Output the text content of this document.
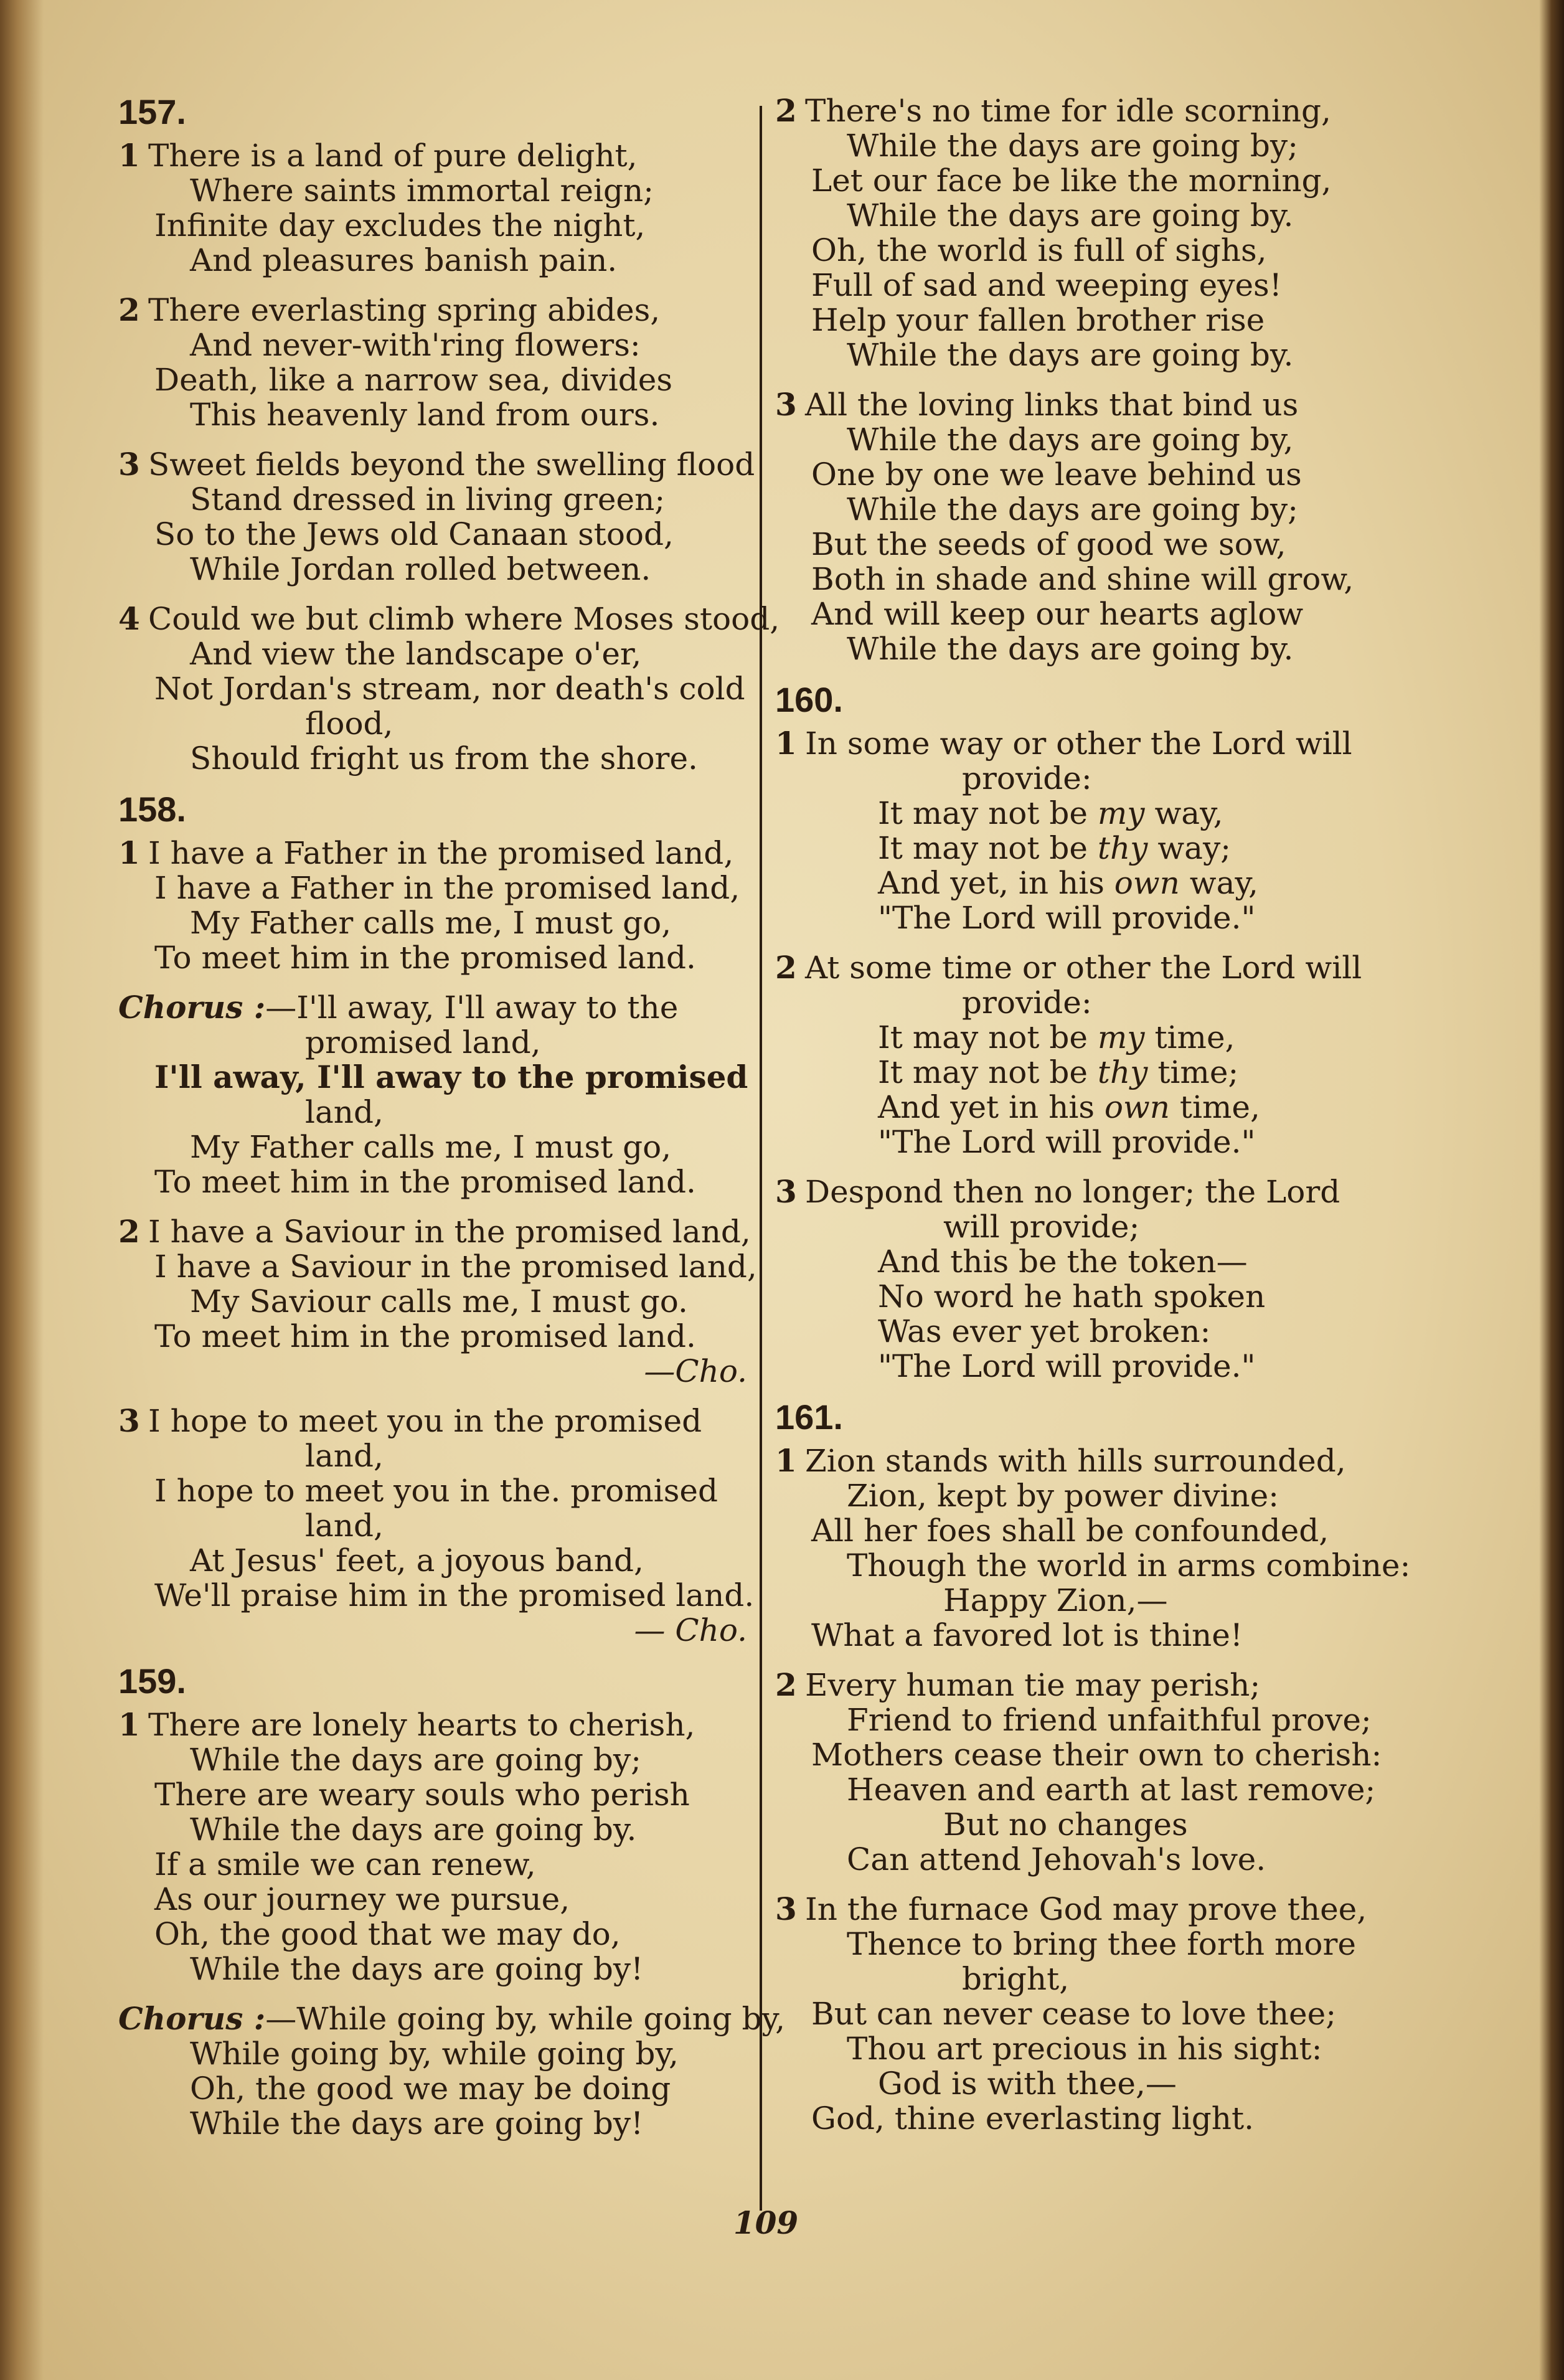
157.
1 There is a land of pure delight,
Where saints immortal reign;
Infinite day excludes the night,
And pleasures banish pain.
2 There everlasting spring abides,
And never-with'ring flowers:
Death, like a narrow sea, divides
This heavenly land from ours.
3 Sweet fields beyond the swelling flood
Stand dressed in living green;
So to the Jews old Canaan stood,
While Jordan rolled between.
4 Could we but climb where Moses stood,
And view the landscape o'er,
Not Jordan's stream, nor death's cold
flood,
Should fright us from the shore.
158.
1 I have a Father in the promised land,
I have a Father in the promised land,
My Father calls me, I must go,
To meet him in the promised land.
Chorus :—I'll away, I'll away to the
promised land,
I'll away, I'll away to the promised
land,
My Father calls me, I must go,
To meet him in the promised land.
2 I have a Saviour in the promised land,
I have a Saviour in the promised land,
My Saviour calls me, I must go.
To meet him in the promised land.
—Cho.
3 I hope to meet you in the promised
land,
I hope to meet you in the. promised
land,
At Jesus' feet, a joyous band,
We'll praise him in the promised land.
— Cho.
159.
1 There are lonely hearts to cherish,
While the days are going by;
There are weary souls who perish
While the days are going by.
If a smile we can renew,
As our journey we pursue,
Oh, the good that we may do,
While the days are going by!
Chorus :—While going by, while going by,
While going by, while going by,
Oh, the good we may be doing
While the days are going by!
2 There's no time for idle scorning,
While the days are going by;
Let our face be like the morning,
While the days are going by.
Oh, the world is full of sighs,
Full of sad and weeping eyes!
Help your fallen brother rise
While the days are going by.
3 All the loving links that bind us
While the days are going by,
One by one we leave behind us
While the days are going by;
But the seeds of good we sow,
Both in shade and shine will grow,
And will keep our hearts aglow
While the days are going by.
160.
1 In some way or other the Lord will
provide:
It may not be my way,
It may not be thy way;
And yet, in his own way,
"The Lord will provide."
2 At some time or other the Lord will
provide:
It may not be my time,
It may not be thy time;
And yet in his own time,
"The Lord will provide."
3 Despond then no longer; the Lord
will provide;
And this be the token—
No word he hath spoken
Was ever yet broken:
"The Lord will provide."
161.
1 Zion stands with hills surrounded,
Zion, kept by power divine:
All her foes shall be confounded,
Though the world in arms combine:
Happy Zion,—
What a favored lot is thine!
2 Every human tie may perish;
Friend to friend unfaithful prove;
Mothers cease their own to cherish:
Heaven and earth at last remove;
But no changes
Can attend Jehovah's love.
3 In the furnace God may prove thee,
Thence to bring thee forth more
bright,
But can never cease to love thee;
Thou art precious in his sight:
God is with thee,—
God, thine everlasting light.
109
